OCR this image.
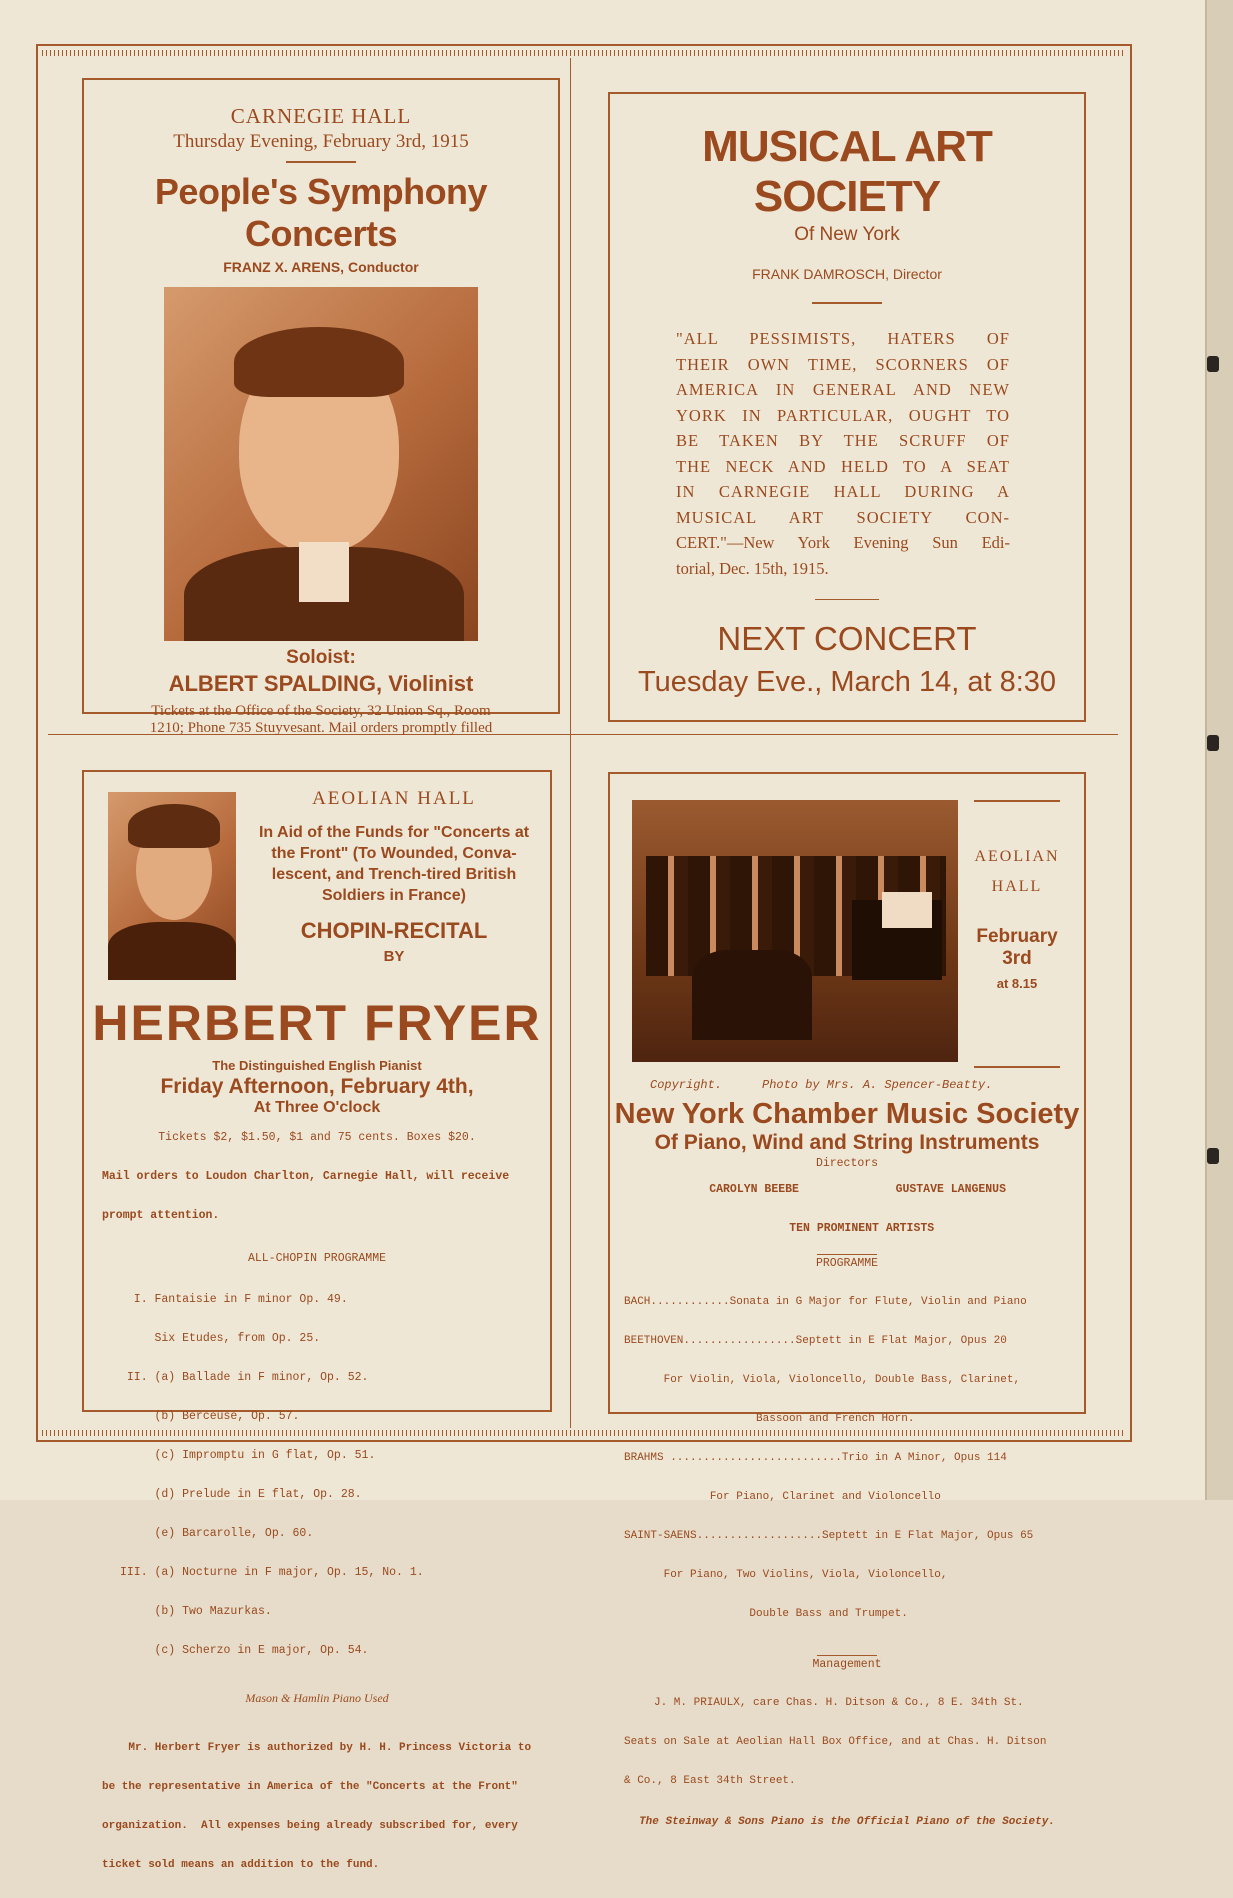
CARNEGIE HALL
Thursday Evening, February 3rd, 1915
People's Symphony Concerts
FRANZ X. ARENS, Conductor
Soloist:
ALBERT SPALDING, Violinist
Tickets at the Office of the Society, 32 Union Sq., Room
1210; Phone 735 Stuyvesant. Mail orders promptly filled
MUSICAL ART SOCIETY
Of New York
FRANK DAMROSCH, Director
"ALL PESSIMISTS, HATERS OF
THEIR OWN TIME, SCORNERS OF
AMERICA IN GENERAL AND NEW
YORK IN PARTICULAR, OUGHT TO
BE TAKEN BY THE SCRUFF OF
THE NECK AND HELD TO A SEAT
IN CARNEGIE HALL DURING A
MUSICAL ART SOCIETY CON-
CERT."—New York Evening Sun Edi-
torial, Dec. 15th, 1915.
NEXT CONCERT
Tuesday Eve., March 14, at 8:30
AEOLIAN HALL
In Aid of the Funds for "Concerts at
the Front" (To Wounded, Conva-
lescent, and Trench-tired British
Soldiers in France)
CHOPIN-RECITAL
BY
HERBERT FRYER
The Distinguished English Pianist
Friday Afternoon, February 4th,
At Three O'clock
Tickets $2, $1.50, $1 and 75 cents. Boxes $20.

Mail orders to Loudon Charlton, Carnegie Hall, will receive

prompt attention.

ALL-CHOPIN PROGRAMME

I. Fantaisie in F minor Op. 49.

Six Etudes, from Op. 25.

II. (a) Ballade in F minor, Op. 52.

(b) Berceuse, Op. 57.

(c) Impromptu in G flat, Op. 51.

(d) Prelude in E flat, Op. 28.

(e) Barcarolle, Op. 60.

III. (a) Nocturne in F major, Op. 15, No. 1.

(b) Two Mazurkas.

(c) Scherzo in E major, Op. 54.

Mason & Hamlin Piano Used

Mr. Herbert Fryer is authorized by H. H. Princess Victoria to

be the representative in America of the "Concerts at the Front"

organization.  All expenses being already subscribed for, every

ticket sold means an addition to the fund.

AEOLIAN
HALL
February
3rd
at 8.15
Copyright.	Photo by Mrs. A. Spencer-Beatty.
New York Chamber Music Society
Of Piano, Wind and String Instruments
Directors

CAROLYN BEEBE	GUSTAVE LANGENUS

TEN PROMINENT ARTISTS

PROGRAMME

BACH............Sonata in G Major for Flute, Violin and Piano

BEETHOVEN.................Septett in E Flat Major, Opus 20

For Violin, Viola, Violoncello, Double Bass, Clarinet,

Bassoon and French Horn.

BRAHMS ..........................Trio in A Minor, Opus 114

For Piano, Clarinet and Violoncello

SAINT-SAENS...................Septett in E Flat Major, Opus 65

For Piano, Two Violins, Viola, Violoncello,

Double Bass and Trumpet.

Management

J. M. PRIAULX, care Chas. H. Ditson & Co., 8 E. 34th St.

Seats on Sale at Aeolian Hall Box Office, and at Chas. H. Ditson

& Co., 8 East 34th Street.

The Steinway & Sons Piano is the Official Piano of the Society.
